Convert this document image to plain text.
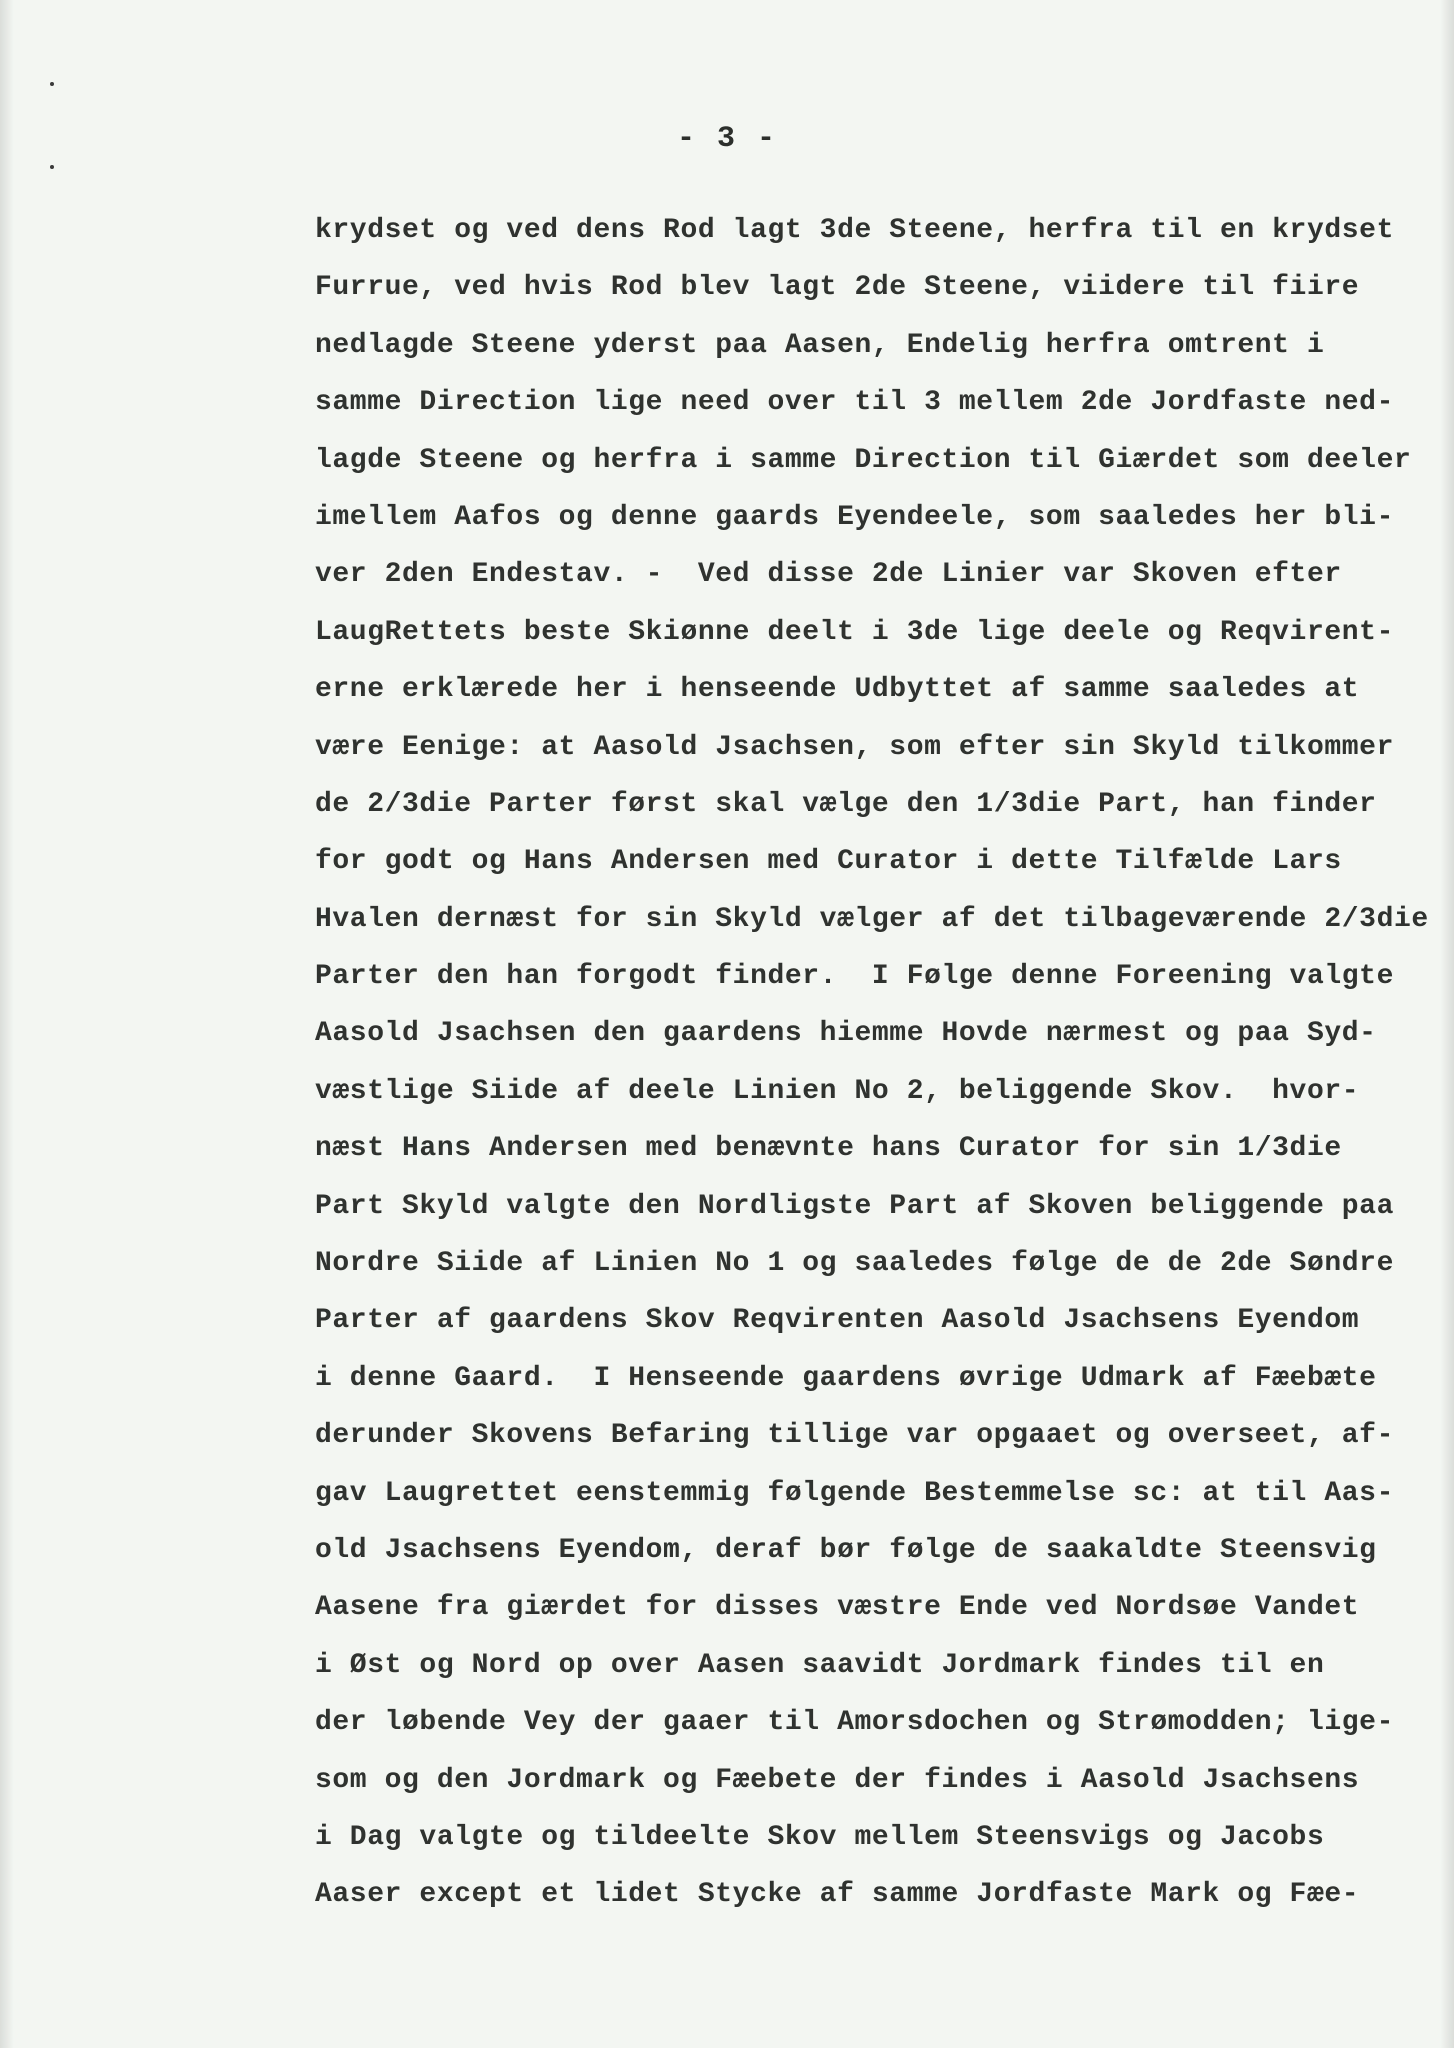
- 3 -
krydset og ved dens Rod lagt 3de Steene, herfra til en krydset
Furrue, ved hvis Rod blev lagt 2de Steene, viidere til fiire
nedlagde Steene yderst paa Aasen, Endelig herfra omtrent i
samme Direction lige need over til 3 mellem 2de Jordfaste ned-
lagde Steene og herfra i samme Direction til Giærdet som deeler
imellem Aafos og denne gaards Eyendeele, som saaledes her bli-
ver 2den Endestav. -  Ved disse 2de Linier var Skoven efter
LaugRettets beste Skiønne deelt i 3de lige deele og Reqvirent-
erne erklærede her i henseende Udbyttet af samme saaledes at
være Eenige: at Aasold Jsachsen, som efter sin Skyld tilkommer
de 2/3die Parter først skal vælge den 1/3die Part, han finder
for godt og Hans Andersen med Curator i dette Tilfælde Lars
Hvalen dernæst for sin Skyld vælger af det tilbageværende 2/3die
Parter den han forgodt finder.  I Følge denne Foreening valgte
Aasold Jsachsen den gaardens hiemme Hovde nærmest og paa Syd-
væstlige Siide af deele Linien No 2, beliggende Skov.  hvor-
næst Hans Andersen med benævnte hans Curator for sin 1/3die
Part Skyld valgte den Nordligste Part af Skoven beliggende paa
Nordre Siide af Linien No 1 og saaledes følge de de 2de Søndre
Parter af gaardens Skov Reqvirenten Aasold Jsachsens Eyendom
i denne Gaard.  I Henseende gaardens øvrige Udmark af Fæebæte
derunder Skovens Befaring tillige var opgaaet og overseet, af-
gav Laugrettet eenstemmig følgende Bestemmelse sc: at til Aas-
old Jsachsens Eyendom, deraf bør følge de saakaldte Steensvig
Aasene fra giærdet for disses væstre Ende ved Nordsøe Vandet
i Øst og Nord op over Aasen saavidt Jordmark findes til en
der løbende Vey der gaaer til Amorsdochen og Strømodden; lige-
som og den Jordmark og Fæebete der findes i Aasold Jsachsens
i Dag valgte og tildeelte Skov mellem Steensvigs og Jacobs
Aaser except et lidet Stycke af samme Jordfaste Mark og Fæe-
